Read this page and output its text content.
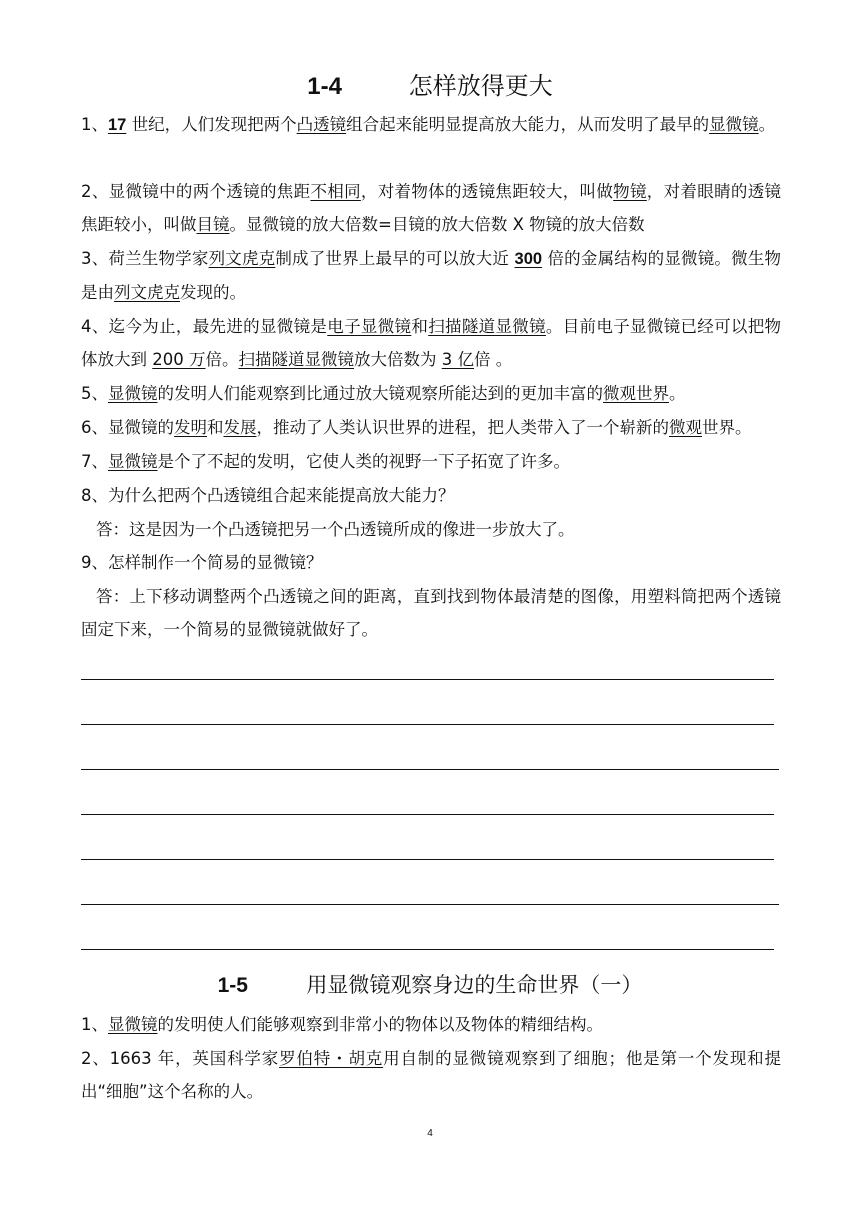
1-4	怎样放得更大
1、17 世纪，人们发现把两个凸透镜组合起来能明显提高放大能力，从而发明了最早的显微镜。
2、显微镜中的两个透镜的焦距不相同，对着物体的透镜焦距较大，叫做物镜，对着眼睛的透镜焦距较小，叫做目镜。显微镜的放大倍数=目镜的放大倍数 X 物镜的放大倍数
3、荷兰生物学家列文虎克制成了世界上最早的可以放大近 300 倍的金属结构的显微镜。微生物是由列文虎克发现的。
4、迄今为止，最先进的显微镜是电子显微镜和扫描隧道显微镜。目前电子显微镜已经可以把物体放大到 200 万倍。扫描隧道显微镜放大倍数为 3 亿倍 。
5、显微镜的发明人们能观察到比通过放大镜观察所能达到的更加丰富的微观世界。
6、显微镜的发明和发展，推动了人类认识世界的进程，把人类带入了一个崭新的微观世界。
7、显微镜是个了不起的发明，它使人类的视野一下子拓宽了许多。
8、为什么把两个凸透镜组合起来能提高放大能力？
答：这是因为一个凸透镜把另一个凸透镜所成的像进一步放大了。
9、怎样制作一个简易的显微镜？
答：上下移动调整两个凸透镜之间的距离，直到找到物体最清楚的图像，用塑料筒把两个透镜固定下来，一个简易的显微镜就做好了。
1-5	用显微镜观察身边的生命世界（一）
1、显微镜的发明使人们能够观察到非常小的物体以及物体的精细结构。
2、1663 年，英国科学家罗伯特・胡克用自制的显微镜观察到了细胞；他是第一个发现和提出“细胞”这个名称的人。
4
